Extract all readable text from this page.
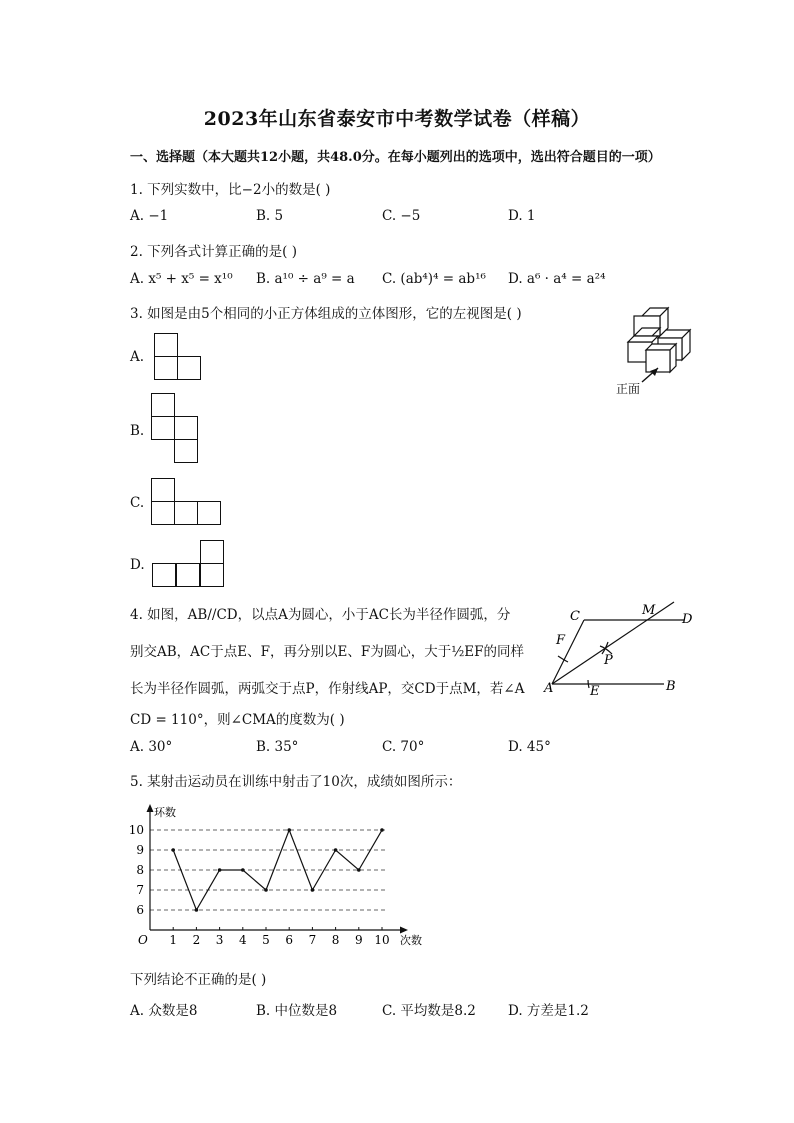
2023年山东省泰安市中考数学试卷（样稿）
一、选择题（本大题共12小题，共48.0分。在每小题列出的选项中，选出符合题目的一项）
1. 下列实数中，比−2小的数是( )
A. −1	B. 5	C. −5	D. 1
2. 下列各式计算正确的是( )
A. x⁵ + x⁵ = x¹⁰ B. a¹⁰ ÷ a⁹ = a C. (ab⁴)⁴ = ab¹⁶ D. a⁶ · a⁴ = a²⁴
3. 如图是由5个相同的小正方体组成的立体图形，它的左视图是( )
正面
A.
B.
C.
D.
4. 如图，AB//CD，以点A为圆心，小于AC长为半径作圆弧，分
别交AB，AC于点E、F，再分别以E、F为圆心，大于½EF的同样
长为半径作圆弧，两弧交于点P，作射线AP，交CD于点M，若∠A
CD = 110°，则∠CMA的度数为( )
A	B
C	D
E
F
M
P
A. 30°	B. 35°	C. 70°	D. 45°
5. 某射击运动员在训练中射击了10次，成绩如图所示：
6
7
8
9
10
1 2 3 4 5 6 7 8 9 10
O
环数
次数
下列结论不正确的是( )
A. 众数是8	B. 中位数是8	C. 平均数是8.2 D. 方差是1.2
